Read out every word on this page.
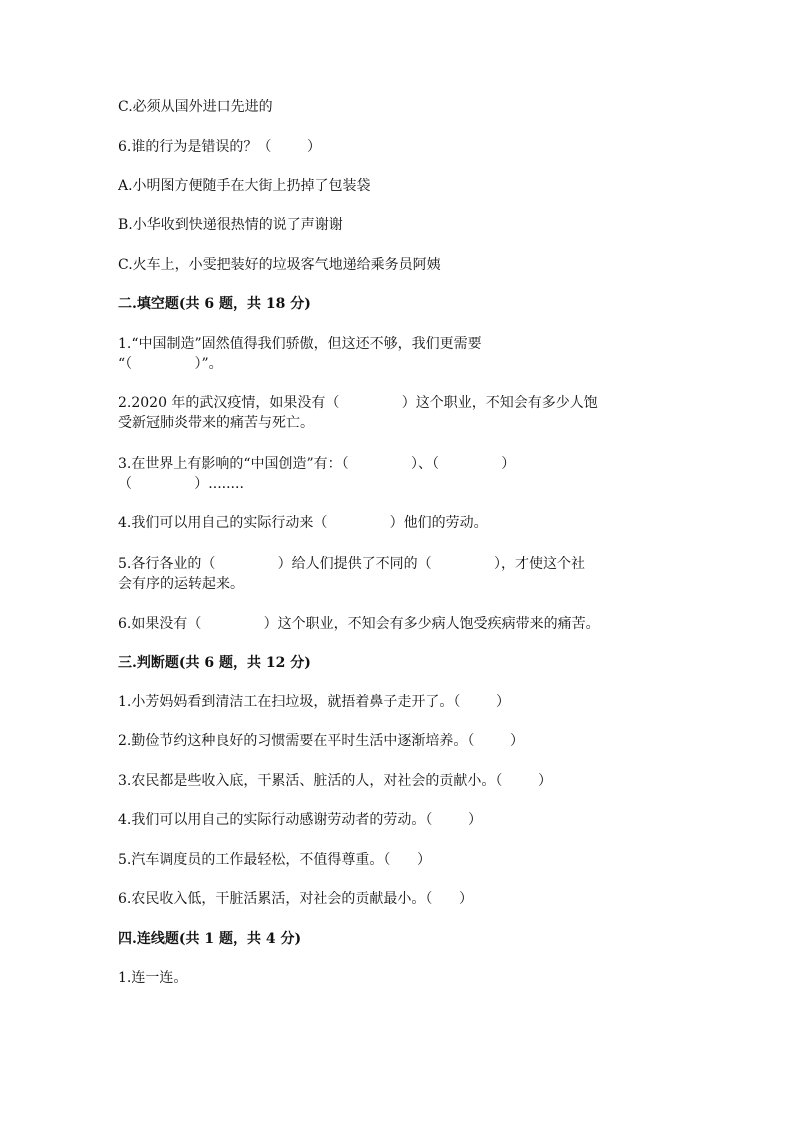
C.必须从国外进口先进的
6.谁的行为是错误的？（        ）
A.小明图方便随手在大街上扔掉了包装袋
B.小华收到快递很热情的说了声谢谢
C.火车上，小雯把装好的垃圾客气地递给乘务员阿姨
二.填空题(共 6 题，共 18 分)
1.“中国制造”固然值得我们骄傲，但这还不够，我们更需要
“（              ）”。
2.2020 年的武汉疫情，如果没有（              ）这个职业，不知会有多少人饱
受新冠肺炎带来的痛苦与死亡。
3.在世界上有影响的“中国创造”有：（              ）、（              ）
（              ）........
4.我们可以用自己的实际行动来（              ）他们的劳动。
5.各行各业的（              ）给人们提供了不同的（              ），才使这个社
会有序的运转起来。
6.如果没有（              ）这个职业，不知会有多少病人饱受疾病带来的痛苦。
三.判断题(共 6 题，共 12 分)
1.小芳妈妈看到清洁工在扫垃圾，就捂着鼻子走开了。（        ）
2.勤俭节约这种良好的习惯需要在平时生活中逐渐培养。（        ）
3.农民都是些收入底，干累活、脏活的人，对社会的贡献小。（        ）
4.我们可以用自己的实际行动感谢劳动者的劳动。（        ）
5.汽车调度员的工作最轻松，不值得尊重。（      ）
6.农民收入低，干脏活累活，对社会的贡献最小。（      ）
四.连线题(共 1 题，共 4 分)
1.连一连。
